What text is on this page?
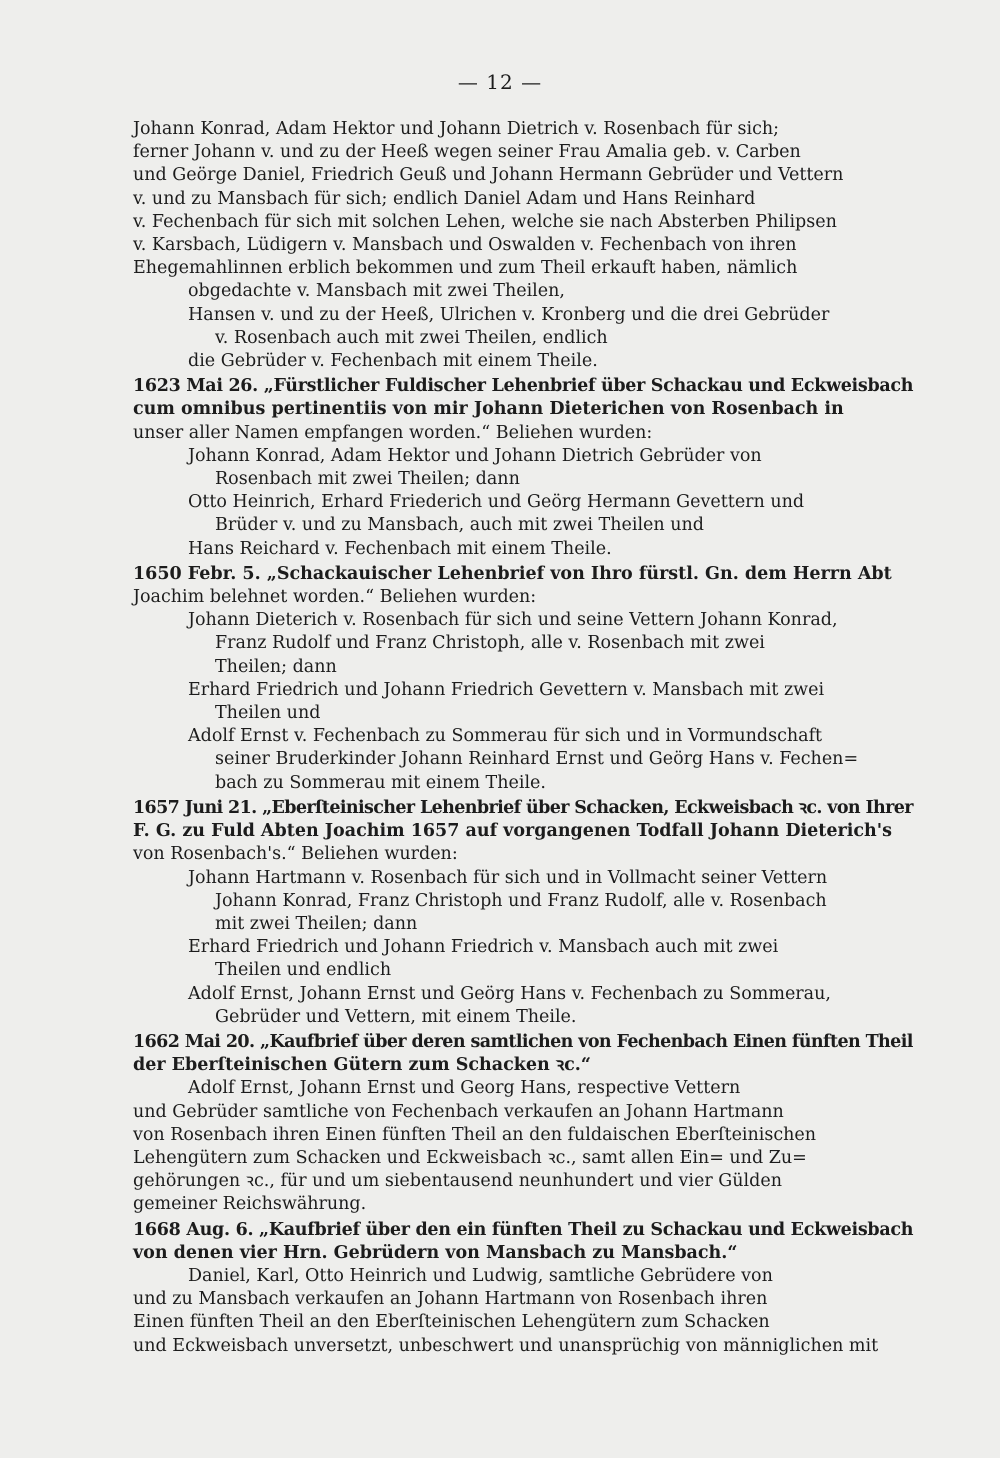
— 12 —
Johann Konrad, Adam Hektor und Johann Dietrich v. Rosenbach für sich;
ferner Johann v. und zu der Heeß wegen seiner Frau Amalia geb. v. Carben
und Geörge Daniel, Friedrich Geuß und Johann Hermann Gebrüder und Vettern
v. und zu Mansbach für sich; endlich Daniel Adam und Hans Reinhard
v. Fechenbach für sich mit solchen Lehen, welche sie nach Absterben Philipsen
v. Karsbach, Lüdigern v. Mansbach und Oswalden v. Fechenbach von ihren
Ehegemahlinnen erblich bekommen und zum Theil erkauft haben, nämlich
obgedachte v. Mansbach mit zwei Theilen,
Hansen v. und zu der Heeß, Ulrichen v. Kronberg und die drei Gebrüder
v. Rosenbach auch mit zwei Theilen, endlich
die Gebrüder v. Fechenbach mit einem Theile.
1623 Mai 26. „Fürstlicher Fuldischer Lehenbrief über Schackau und Eckweisbach
cum omnibus pertinentiis von mir Johann Dieterichen von Rosenbach in
unser aller Namen empfangen worden.“ Beliehen wurden:
Johann Konrad, Adam Hektor und Johann Dietrich Gebrüder von
Rosenbach mit zwei Theilen; dann
Otto Heinrich, Erhard Friederich und Geörg Hermann Gevettern und
Brüder v. und zu Mansbach, auch mit zwei Theilen und
Hans Reichard v. Fechenbach mit einem Theile.
1650 Febr. 5. „Schackauischer Lehenbrief von Ihro fürstl. Gn. dem Herrn Abt
Joachim belehnet worden.“ Beliehen wurden:
Johann Dieterich v. Rosenbach für sich und seine Vettern Johann Konrad,
Franz Rudolf und Franz Christoph, alle v. Rosenbach mit zwei
Theilen; dann
Erhard Friedrich und Johann Friedrich Gevettern v. Mansbach mit zwei
Theilen und
Adolf Ernst v. Fechenbach zu Sommerau für sich und in Vormundschaft
seiner Bruderkinder Johann Reinhard Ernst und Geörg Hans v. Fechen=
bach zu Sommerau mit einem Theile.
1657 Juni 21. „Eberſteinischer Lehenbrief über Schacken, Eckweisbach ꝛc. von Ihrer
F. G. zu Fuld Abten Joachim 1657 auf vorgangenen Todfall Johann Dieterich's
von Rosenbach's.“ Beliehen wurden:
Johann Hartmann v. Rosenbach für sich und in Vollmacht seiner Vettern
Johann Konrad, Franz Christoph und Franz Rudolf, alle v. Rosenbach
mit zwei Theilen; dann
Erhard Friedrich und Johann Friedrich v. Mansbach auch mit zwei
Theilen und endlich
Adolf Ernst, Johann Ernst und Geörg Hans v. Fechenbach zu Sommerau,
Gebrüder und Vettern, mit einem Theile.
1662 Mai 20. „Kaufbrief über deren samtlichen von Fechenbach Einen fünften Theil
der Eberſteinischen Gütern zum Schacken ꝛc.“
Adolf Ernst, Johann Ernst und Georg Hans, respective Vettern
und Gebrüder samtliche von Fechenbach verkaufen an Johann Hartmann
von Rosenbach ihren Einen fünften Theil an den fuldaischen Eberſteinischen
Lehengütern zum Schacken und Eckweisbach ꝛc., samt allen Ein= und Zu=
gehörungen ꝛc., für und um siebentausend neunhundert und vier Gülden
gemeiner Reichswährung.
1668 Aug. 6. „Kaufbrief über den ein fünften Theil zu Schackau und Eckweisbach
von denen vier Hrn. Gebrüdern von Mansbach zu Mansbach.“
Daniel, Karl, Otto Heinrich und Ludwig, samtliche Gebrüdere von
und zu Mansbach verkaufen an Johann Hartmann von Rosenbach ihren
Einen fünften Theil an den Eberſteinischen Lehengütern zum Schacken
und Eckweisbach unversetzt, unbeschwert und unansprüchig von männiglichen mit
